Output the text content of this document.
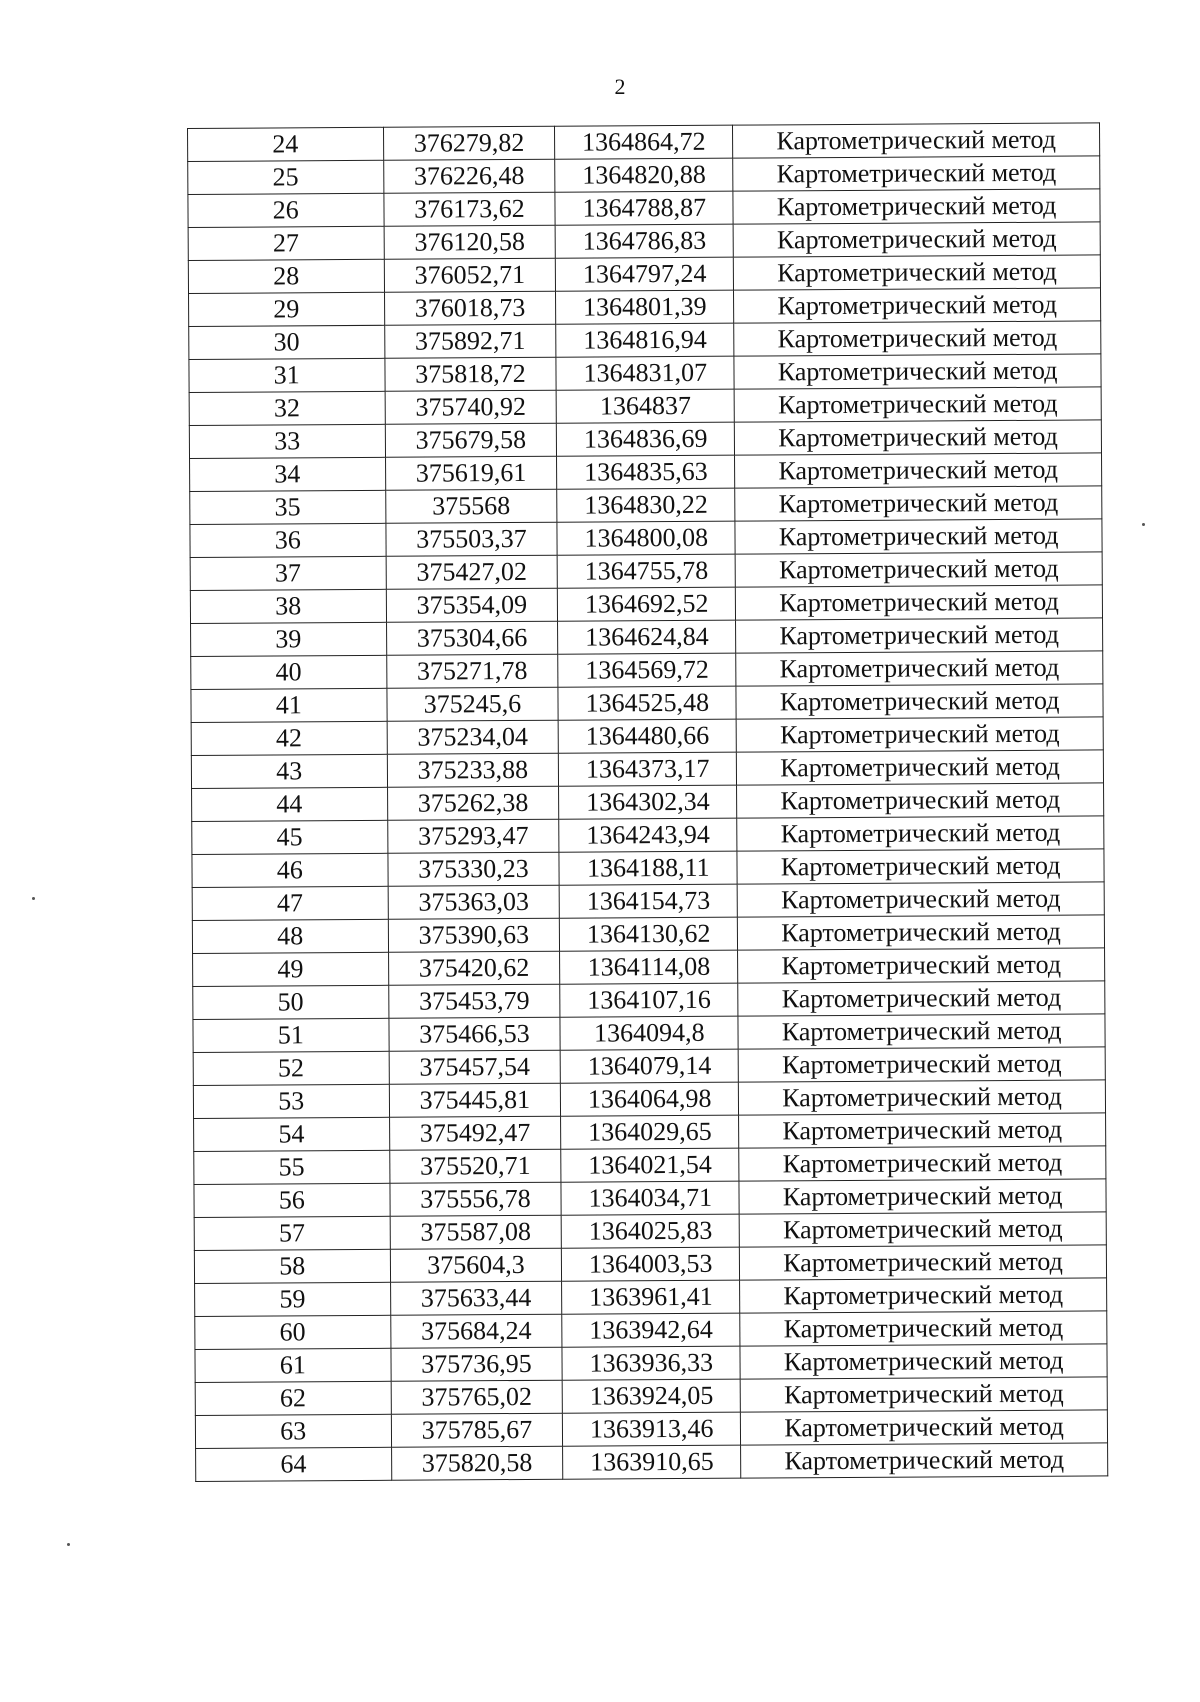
2
24	376279,82	1364864,72	Картометрический метод
25	376226,48	1364820,88	Картометрический метод
26	376173,62	1364788,87	Картометрический метод
27	376120,58	1364786,83	Картометрический метод
28	376052,71	1364797,24	Картометрический метод
29	376018,73	1364801,39	Картометрический метод
30	375892,71	1364816,94	Картометрический метод
31	375818,72	1364831,07	Картометрический метод
32	375740,92	1364837	Картометрический метод
33	375679,58	1364836,69	Картометрический метод
34	375619,61	1364835,63	Картометрический метод
35	375568	1364830,22	Картометрический метод
36	375503,37	1364800,08	Картометрический метод
37	375427,02	1364755,78	Картометрический метод
38	375354,09	1364692,52	Картометрический метод
39	375304,66	1364624,84	Картометрический метод
40	375271,78	1364569,72	Картометрический метод
41	375245,6	1364525,48	Картометрический метод
42	375234,04	1364480,66	Картометрический метод
43	375233,88	1364373,17	Картометрический метод
44	375262,38	1364302,34	Картометрический метод
45	375293,47	1364243,94	Картометрический метод
46	375330,23	1364188,11	Картометрический метод
47	375363,03	1364154,73	Картометрический метод
48	375390,63	1364130,62	Картометрический метод
49	375420,62	1364114,08	Картометрический метод
50	375453,79	1364107,16	Картометрический метод
51	375466,53	1364094,8	Картометрический метод
52	375457,54	1364079,14	Картометрический метод
53	375445,81	1364064,98	Картометрический метод
54	375492,47	1364029,65	Картометрический метод
55	375520,71	1364021,54	Картометрический метод
56	375556,78	1364034,71	Картометрический метод
57	375587,08	1364025,83	Картометрический метод
58	375604,3	1364003,53	Картометрический метод
59	375633,44	1363961,41	Картометрический метод
60	375684,24	1363942,64	Картометрический метод
61	375736,95	1363936,33	Картометрический метод
62	375765,02	1363924,05	Картометрический метод
63	375785,67	1363913,46	Картометрический метод
64	375820,58	1363910,65	Картометрический метод
